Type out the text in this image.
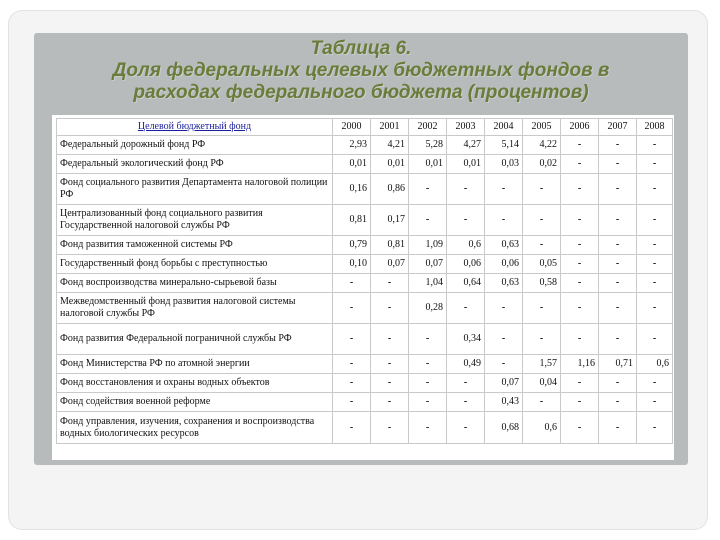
Таблица 6.
Доля федеральных целевых бюджетных фондов в
расходах федерального бюджета (процентов)
Целевой бюджетный фонд	2000	2001	2002	2003	2004	2005	2006	2007	2008
Федеральный дорожный фонд РФ	2,93	4,21	5,28	4,27	5,14	4,22	-	-	-
Федеральный экологический фонд РФ	0,01	0,01	0,01	0,01	0,03	0,02	-	-	-
Фонд социального развития Департамента налоговой полиции РФ	0,16	0,86	-	-	-	-	-	-	-
Централизованный фонд социального развития Государственной налоговой службы РФ	0,81	0,17	-	-	-	-	-	-	-
Фонд развития таможенной системы РФ	0,79	0,81	1,09	0,6	0,63	-	-	-	-
Государственный фонд борьбы с преступностью	0,10	0,07	0,07	0,06	0,06	0,05	-	-	-
Фонд воспроизводства минерально-сырьевой базы	-	-	1,04	0,64	0,63	0,58	-	-	-
Межведомственный фонд развития налоговой системы налоговой службы РФ	-	-	0,28	-	-	-	-	-	-
Фонд развития Федеральной пограничной службы РФ	-	-	-	0,34	-	-	-	-	-
Фонд Министерства РФ по атомной энергии	-	-	-	0,49	-	1,57	1,16	0,71	0,6
Фонд восстановления и охраны водных объектов	-	-	-	-	0,07	0,04	-	-	-
Фонд содействия военной реформе	-	-	-	-	0,43	-	-	-	-
Фонд управления, изучения, сохранения и воспроизводства водных биологических ресурсов	-	-	-	-	0,68	0,6	-	-	-
